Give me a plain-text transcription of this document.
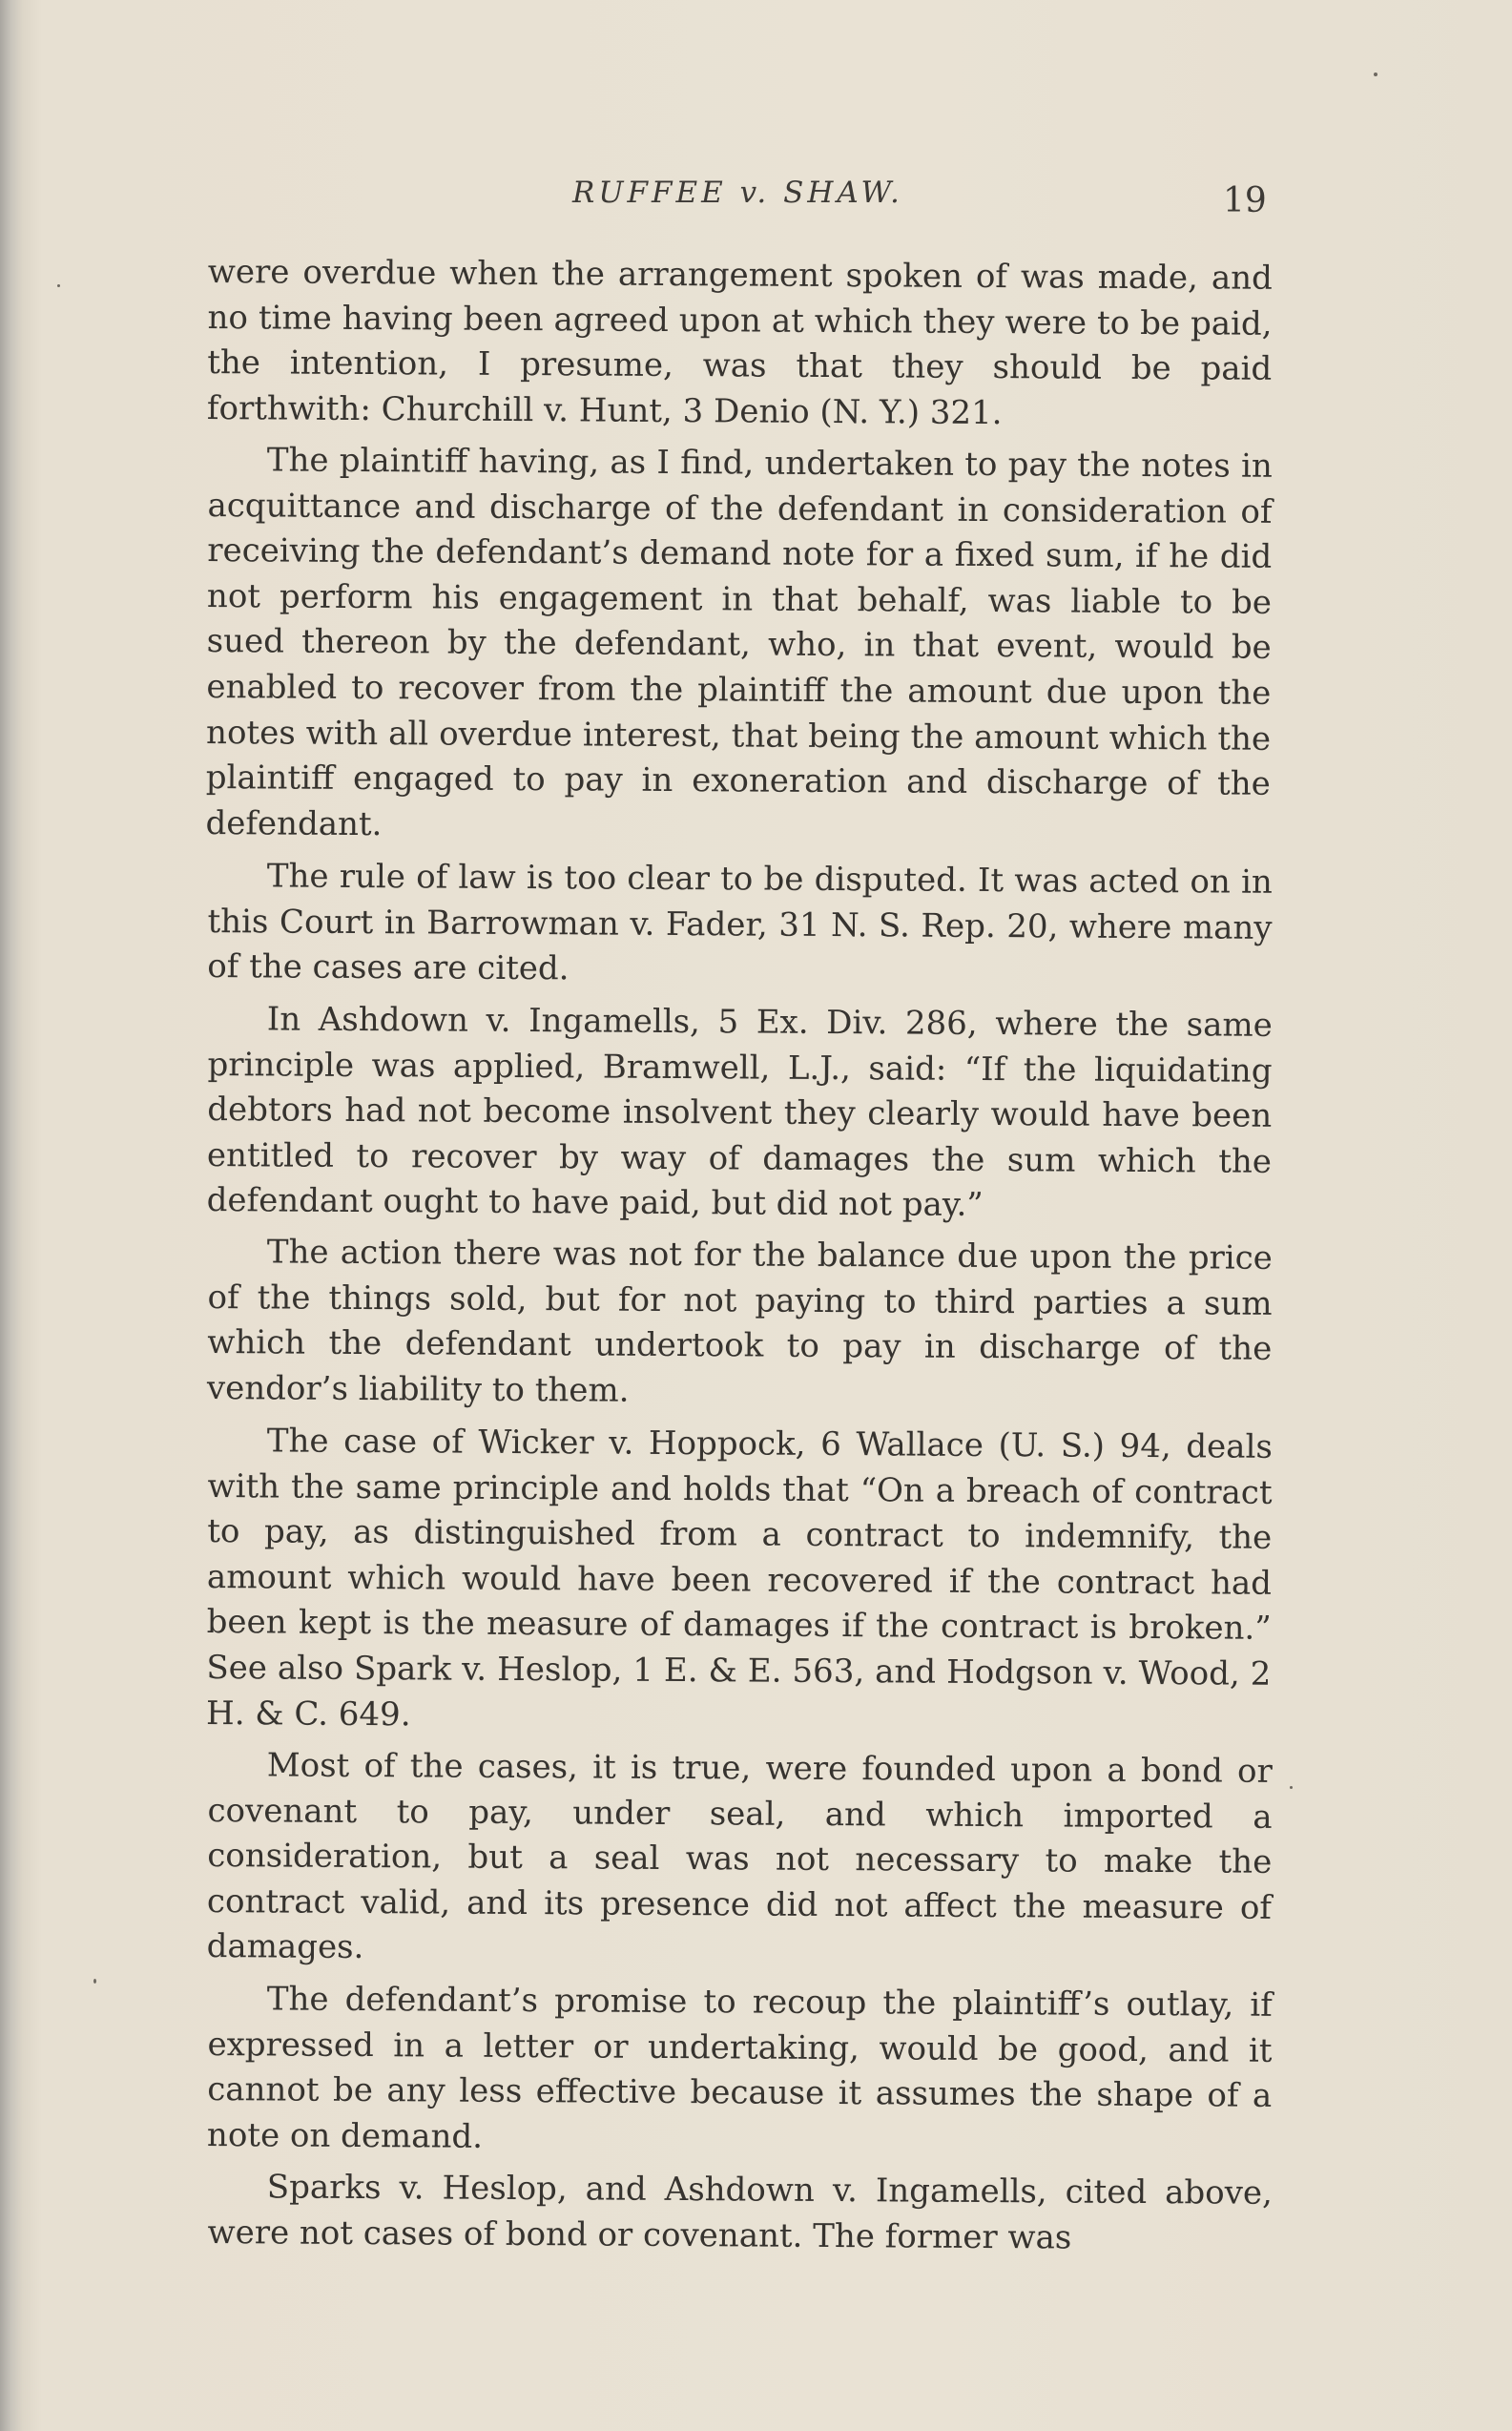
RUFFEE v. SHAW.	19

were overdue when the arrangement spoken of was made, and no time having been agreed upon at which they were to be paid, the intention, I presume, was that they should be paid forthwith: Churchill v. Hunt, 3 Denio (N. Y.) 321.

The plaintiff having, as I find, undertaken to pay the notes in acquittance and discharge of the defendant in consideration of receiving the defendant’s demand note for a fixed sum, if he did not perform his engagement in that behalf, was liable to be sued thereon by the defendant, who, in that event, would be enabled to recover from the plaintiff the amount due upon the notes with all overdue interest, that being the amount which the plaintiff engaged to pay in exoneration and discharge of the defendant.

The rule of law is too clear to be disputed. It was acted on in this Court in Barrowman v. Fader, 31 N. S. Rep. 20, where many of the cases are cited.

In Ashdown v. Ingamells, 5 Ex. Div. 286, where the same principle was applied, Bramwell, L.J., said: “If the liquidating debtors had not become insolvent they clearly would have been entitled to recover by way of damages the sum which the defendant ought to have paid, but did not pay.”

The action there was not for the balance due upon the price of the things sold, but for not paying to third parties a sum which the defendant undertook to pay in discharge of the vendor’s liability to them.

The case of Wicker v. Hoppock, 6 Wallace (U. S.) 94, deals with the same principle and holds that “On a breach of contract to pay, as distinguished from a contract to indemnify, the amount which would have been recovered if the contract had been kept is the measure of damages if the contract is broken.” See also Spark v. Heslop, 1 E. & E. 563, and Hodgson v. Wood, 2 H. & C. 649.

Most of the cases, it is true, were founded upon a bond or covenant to pay, under seal, and which imported a consideration, but a seal was not necessary to make the contract valid, and its presence did not affect the measure of damages.

The defendant’s promise to recoup the plaintiff’s outlay, if expressed in a letter or undertaking, would be good, and it cannot be any less effective because it assumes the shape of a note on demand.

Sparks v. Heslop, and Ashdown v. Ingamells, cited above, were not cases of bond or covenant. The former was
